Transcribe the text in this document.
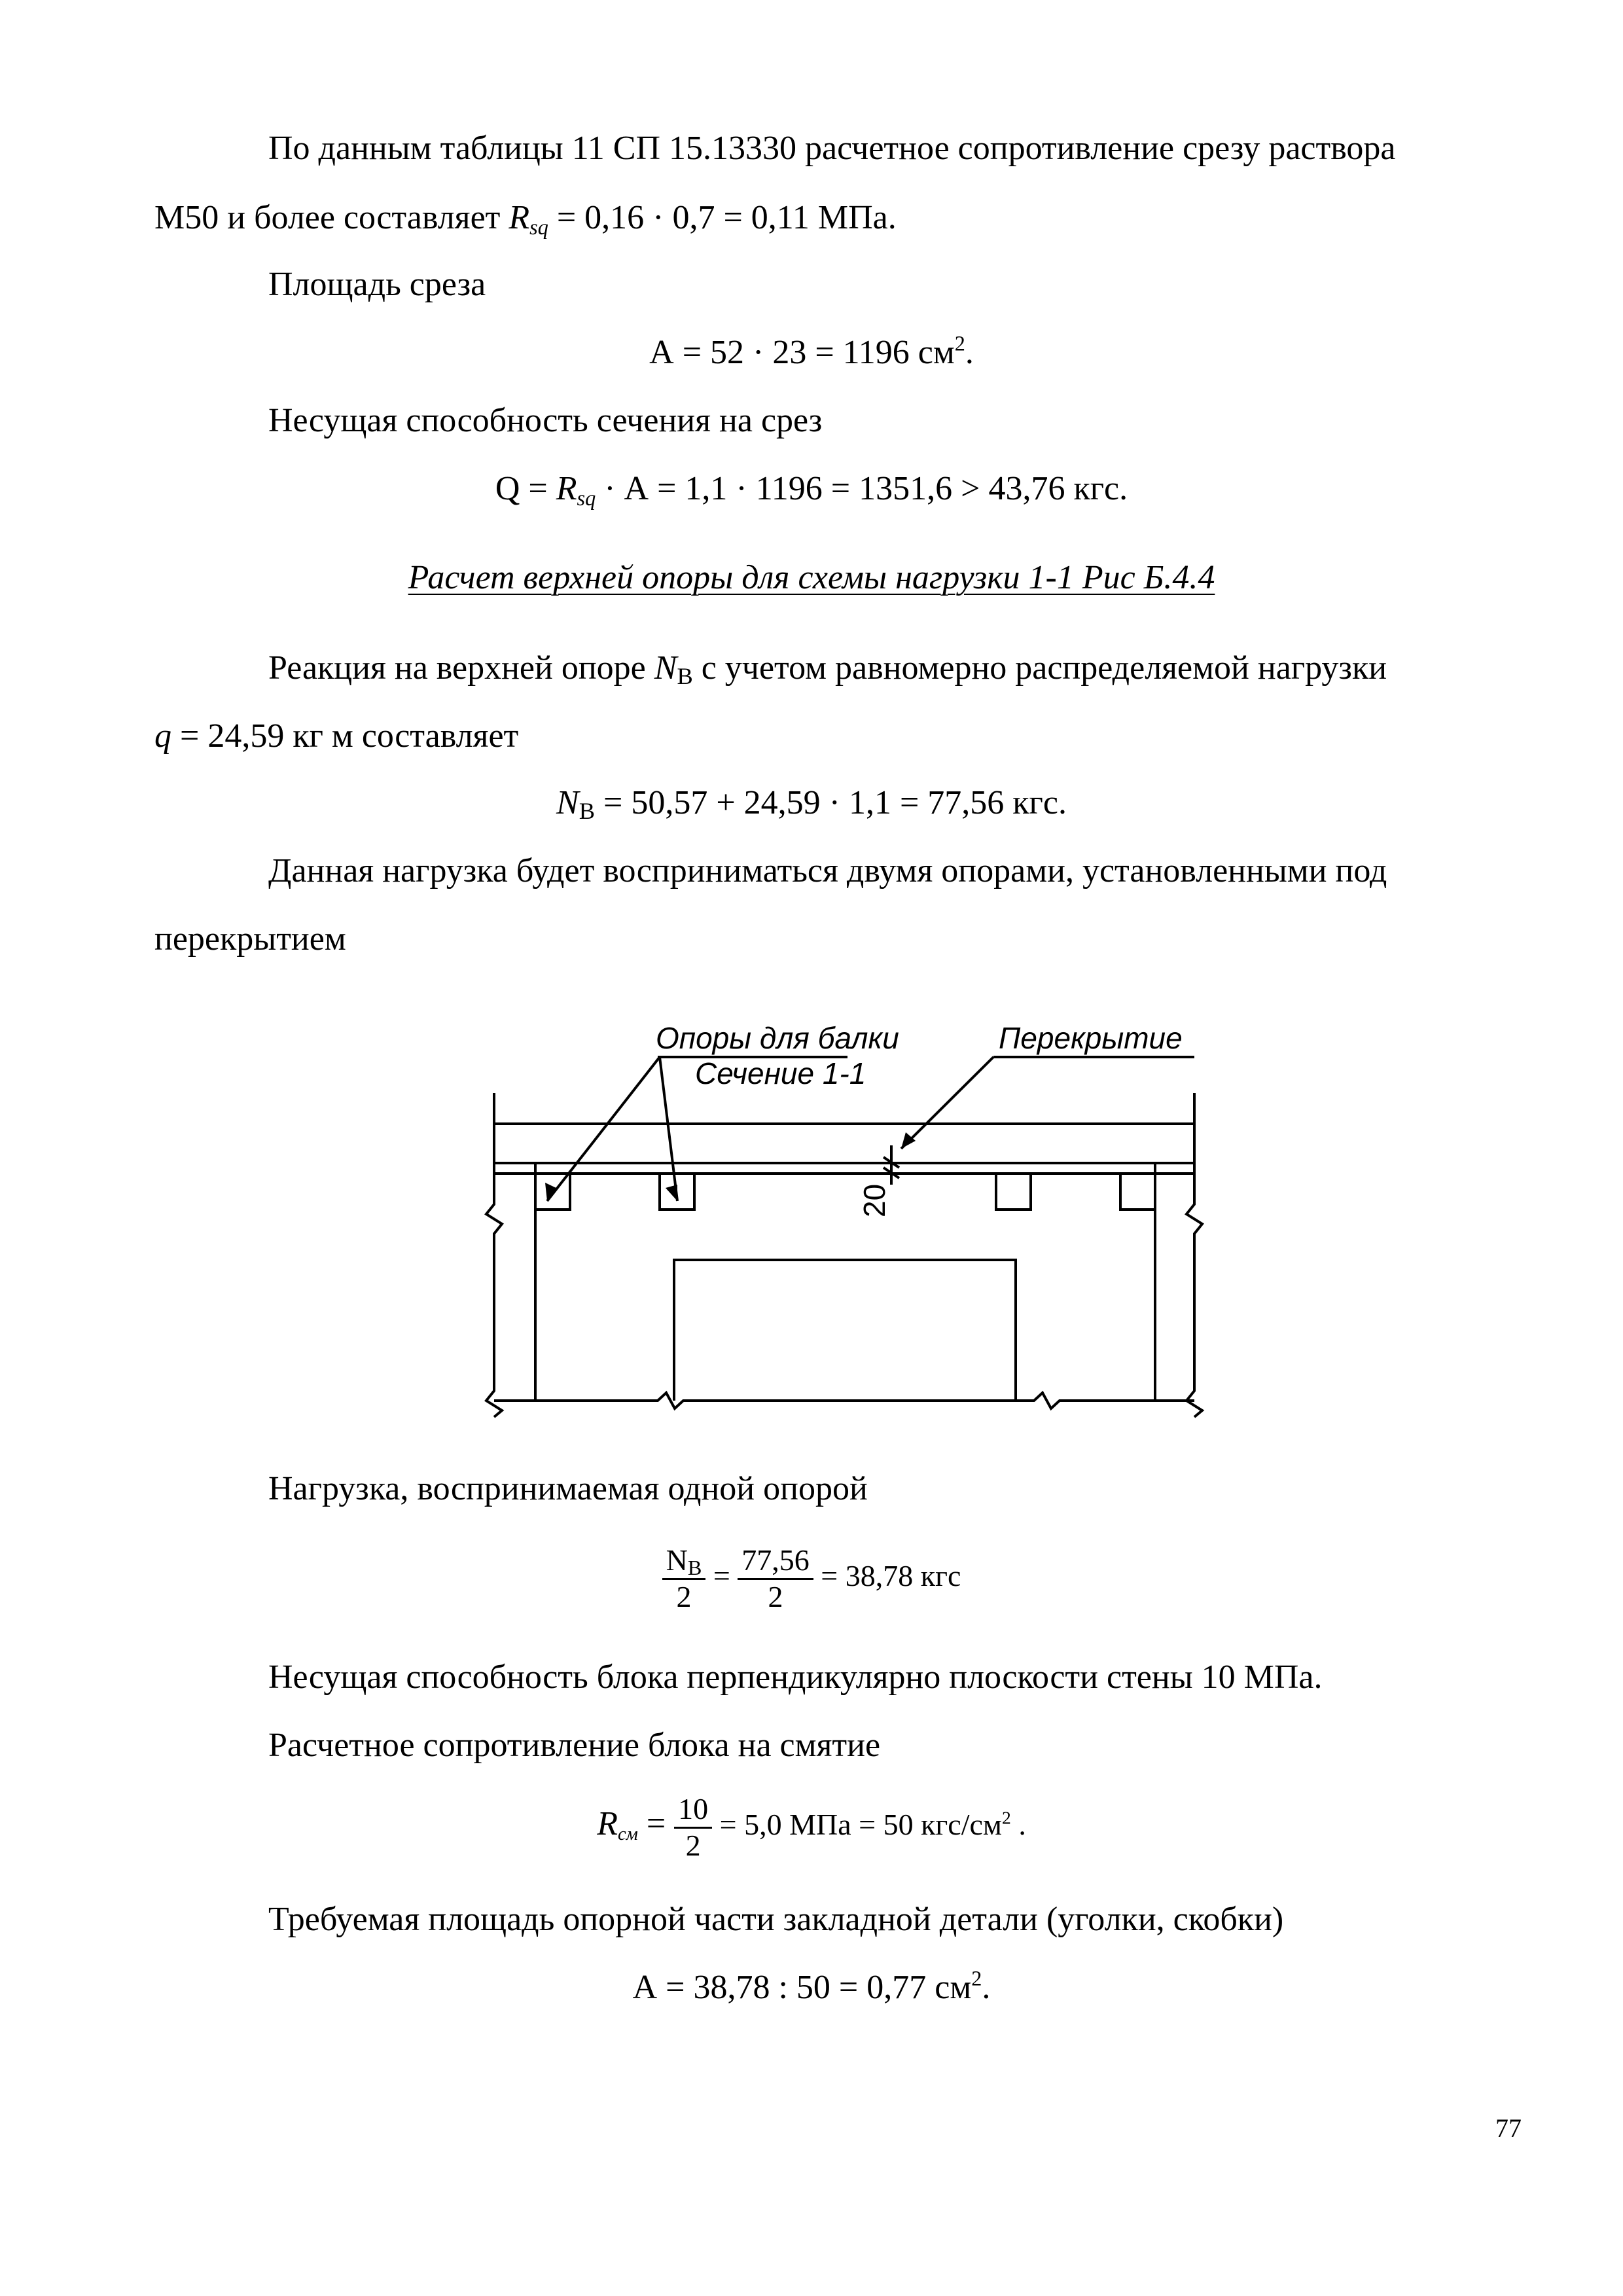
По данным таблицы 11 СП 15.13330 расчетное сопротивление срезу раствора
М50 и более составляет $R_{sq} = 0,16 \cdot 0,7 = 0,11$ МПа.
Площадь среза
А = 52 · 23 = 1196 $см^2$.
Несущая способность сечения на срез
$Q = R_{sq} \cdot А = 1,1 \cdot 1196 = 1351,6 > 43,76$ кгс.
Расчет верхней опоры для схемы нагрузки 1-1 Рис Б.4.4
Реакция на верхней опоре NВ с учетом равномерно распределяемой нагрузки
q = 24,59 кг м составляет
NВ = 50,57 + 24,59 · 1,1 = 77,56 кгс.
Данная нагрузка будет восприниматься двумя опорами, установленными под
перекрытием
Опоры для балки
Сечение 1-1
Перекрытие
20
Нагрузка, воспринимаемая одной опорой
$\frac{NВ}{2} = \frac{77,56}{2} = 38,78$ кгс
Несущая способность блока перпендикулярно плоскости стены 10 МПа.
Расчетное сопротивление блока на смятие
$R_{см} = \frac{10}{2} = 5,0$ МПа = 50 кгс/$см^2$ .
Требуемая площадь опорной части закладной детали (уголки, скобки)
А = 38,78 : 50 = 0,77 $см^2$.
77
